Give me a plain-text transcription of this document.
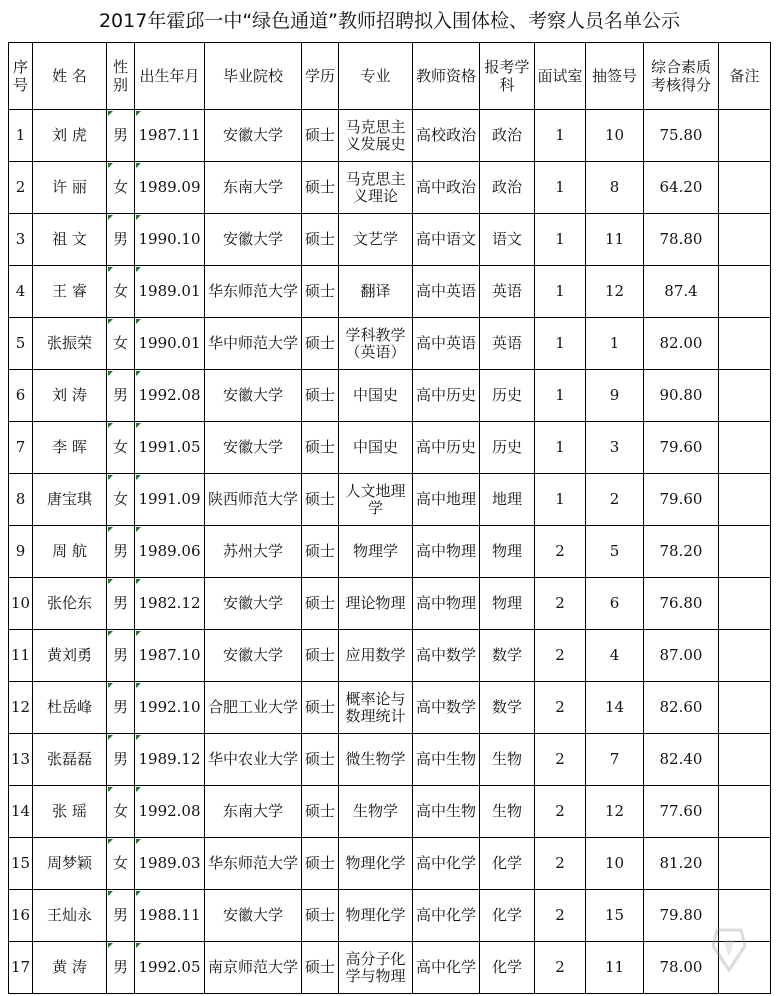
2017年霍邱一中“绿色通道”教师招聘拟入围体检、考察人员名单公示
序号	姓 名	性别	出生年月	毕业院校	学历	专业	教师资格	报考学科	面试室	抽签号	综合素质考核得分	备注
1	刘 虎	男	1987.11	安徽大学	硕士	马克思主义发展史	高校政治	政治	1	10	75.80	
2	许 丽	女	1989.09	东南大学	硕士	马克思主义理论	高中政治	政治	1	8	64.20	
3	祖 文	男	1990.10	安徽大学	硕士	文艺学	高中语文	语文	1	11	78.80	
4	王 睿	女	1989.01	华东师范大学	硕士	翻译	高中英语	英语	1	12	87.4	
5	张振荣	女	1990.01	华中师范大学	硕士	学科教学（英语）	高中英语	英语	1	1	82.00	
6	刘 涛	男	1992.08	安徽大学	硕士	中国史	高中历史	历史	1	9	90.80	
7	李 晖	女	1991.05	安徽大学	硕士	中国史	高中历史	历史	1	3	79.60	
8	唐宝琪	女	1991.09	陕西师范大学	硕士	人文地理学	高中地理	地理	1	2	79.60	
9	周 航	男	1989.06	苏州大学	硕士	物理学	高中物理	物理	2	5	78.20	
10	张伦东	男	1982.12	安徽大学	硕士	理论物理	高中物理	物理	2	6	76.80	
11	黄刘勇	男	1987.10	安徽大学	硕士	应用数学	高中数学	数学	2	4	87.00	
12	杜岳峰	男	1992.10	合肥工业大学	硕士	概率论与数理统计	高中数学	数学	2	14	82.60	
13	张磊磊	男	1989.12	华中农业大学	硕士	微生物学	高中生物	生物	2	7	82.40	
14	张 瑶	女	1992.08	东南大学	硕士	生物学	高中生物	生物	2	12	77.60	
15	周梦颖	女	1989.03	华东师范大学	硕士	物理化学	高中化学	化学	2	10	81.20	
16	王灿永	男	1988.11	安徽大学	硕士	物理化学	高中化学	化学	2	15	79.80	
17	黄 涛	男	1992.05	南京师范大学	硕士	高分子化学与物理	高中化学	化学	2	11	78.00	
